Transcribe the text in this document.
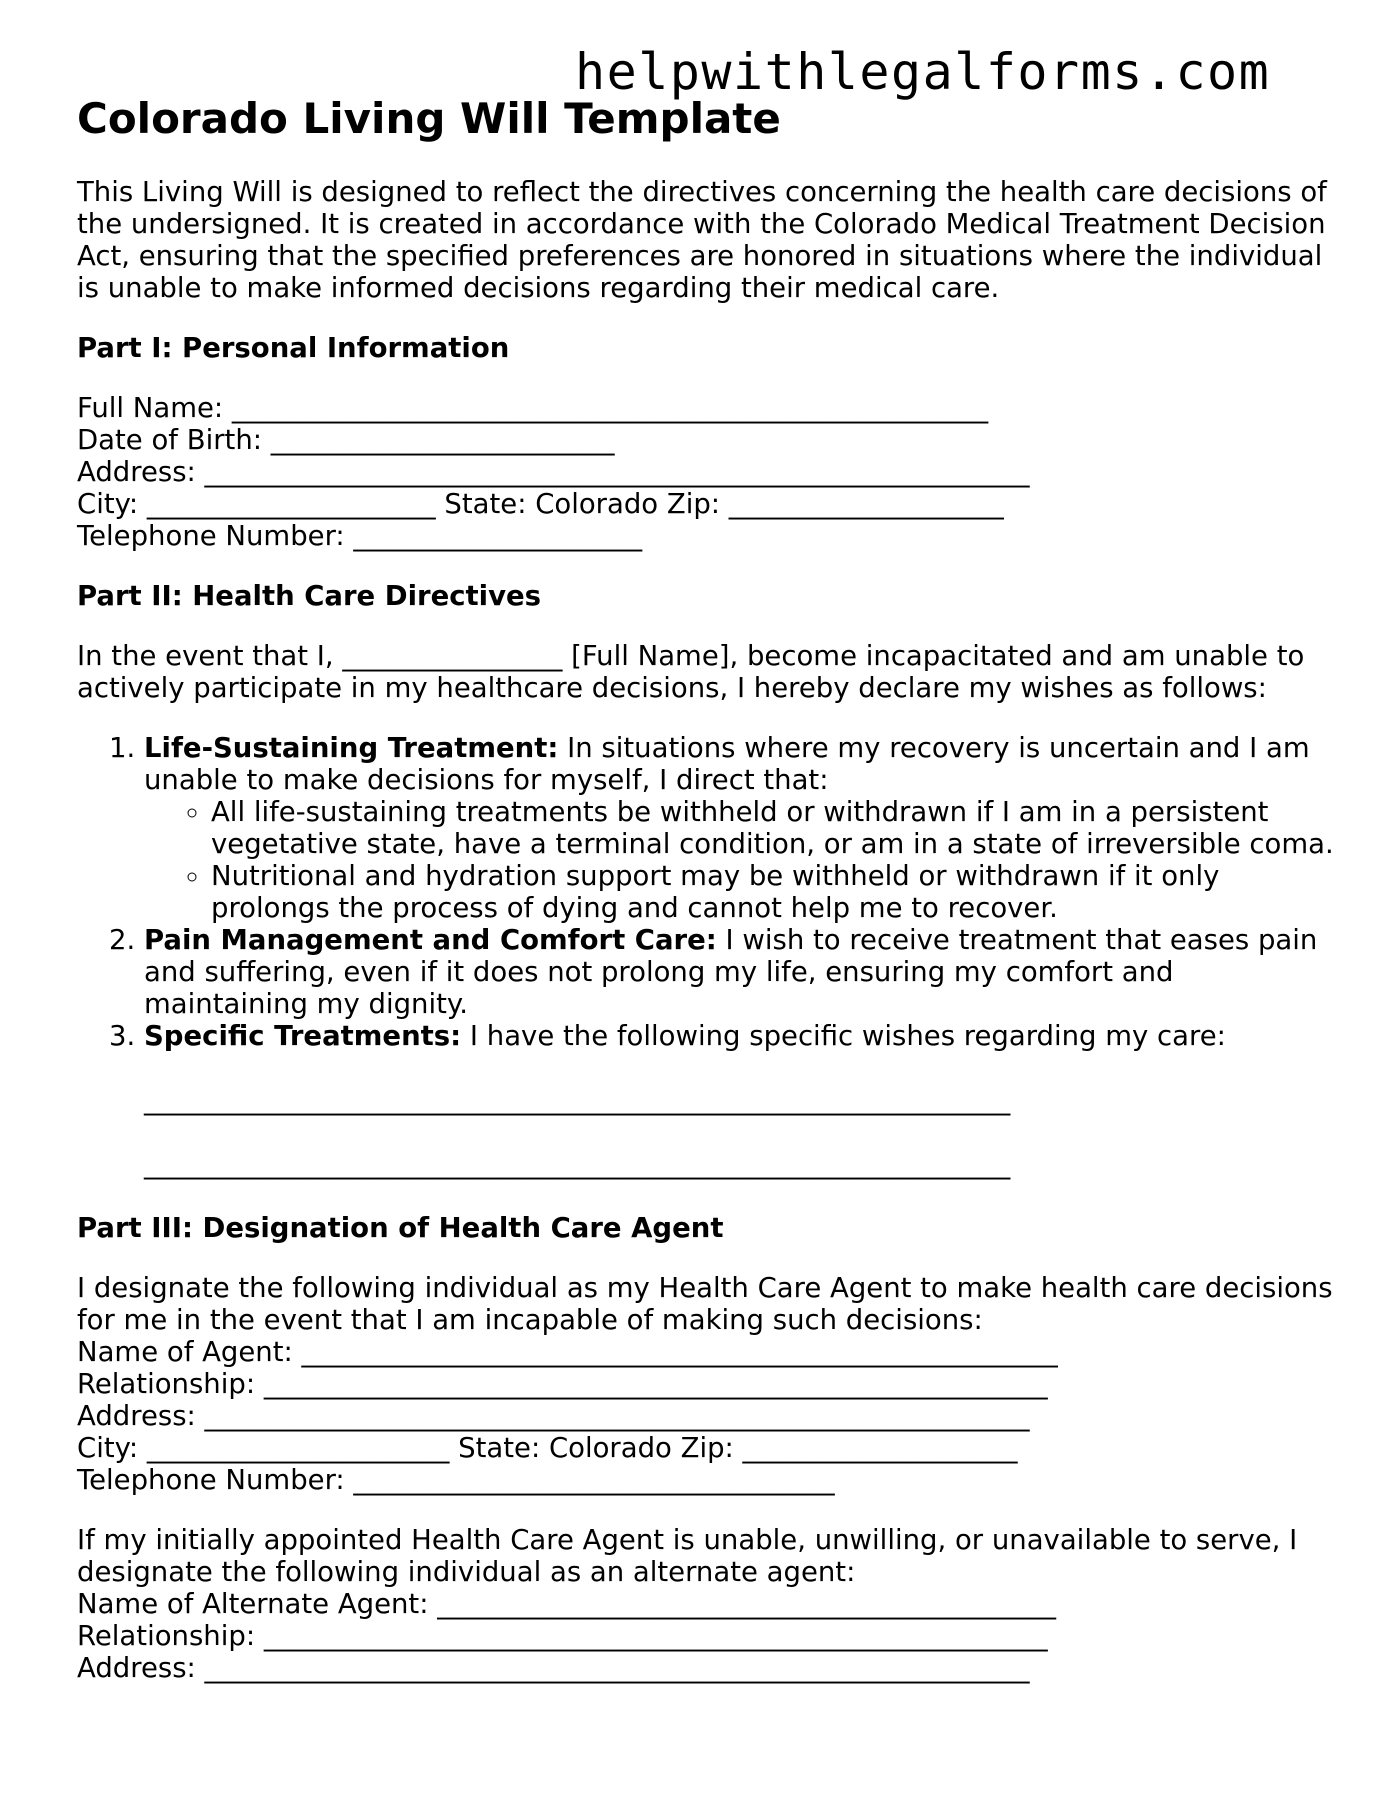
helpwithlegalforms.com
Colorado Living Will Template

This Living Will is designed to reflect the directives concerning the health care decisions of the undersigned. It is created in accordance with the Colorado Medical Treatment Decision Act, ensuring that the specified preferences are honored in situations where the individual is unable to make informed decisions regarding their medical care.

Part I: Personal Information
Full Name: _______________________________________________________
Date of Birth: _________________________
Address: ____________________________________________________________
City: _____________________ State: Colorado Zip: ____________________
Telephone Number: _____________________
Part II: Health Care Directives

In the event that I, ________________ [Full Name], become incapacitated and am unable to actively participate in my healthcare decisions, I hereby declare my wishes as follows:

1. Life-Sustaining Treatment: In situations where my recovery is uncertain and I am unable to make decisions for myself, I direct that:
◦ All life-sustaining treatments be withheld or withdrawn if I am in a persistent vegetative state, have a terminal condition, or am in a state of irreversible coma.
◦ Nutritional and hydration support may be withheld or withdrawn if it only prolongs the process of dying and cannot help me to recover.
2. Pain Management and Comfort Care: I wish to receive treatment that eases pain and suffering, even if it does not prolong my life, ensuring my comfort and maintaining my dignity.
3. Specific Treatments: I have the following specific wishes regarding my care:
_______________________________________________________________
_______________________________________________________________
Part III: Designation of Health Care Agent

I designate the following individual as my Health Care Agent to make health care decisions for me in the event that I am incapable of making such decisions:

Name of Agent: _______________________________________________________
Relationship: _________________________________________________________
Address: ____________________________________________________________
City: ______________________ State: Colorado Zip: ____________________
Telephone Number: ___________________________________

If my initially appointed Health Care Agent is unable, unwilling, or unavailable to serve, I designate the following individual as an alternate agent:

Name of Alternate Agent: _____________________________________________
Relationship: _________________________________________________________
Address: ____________________________________________________________
